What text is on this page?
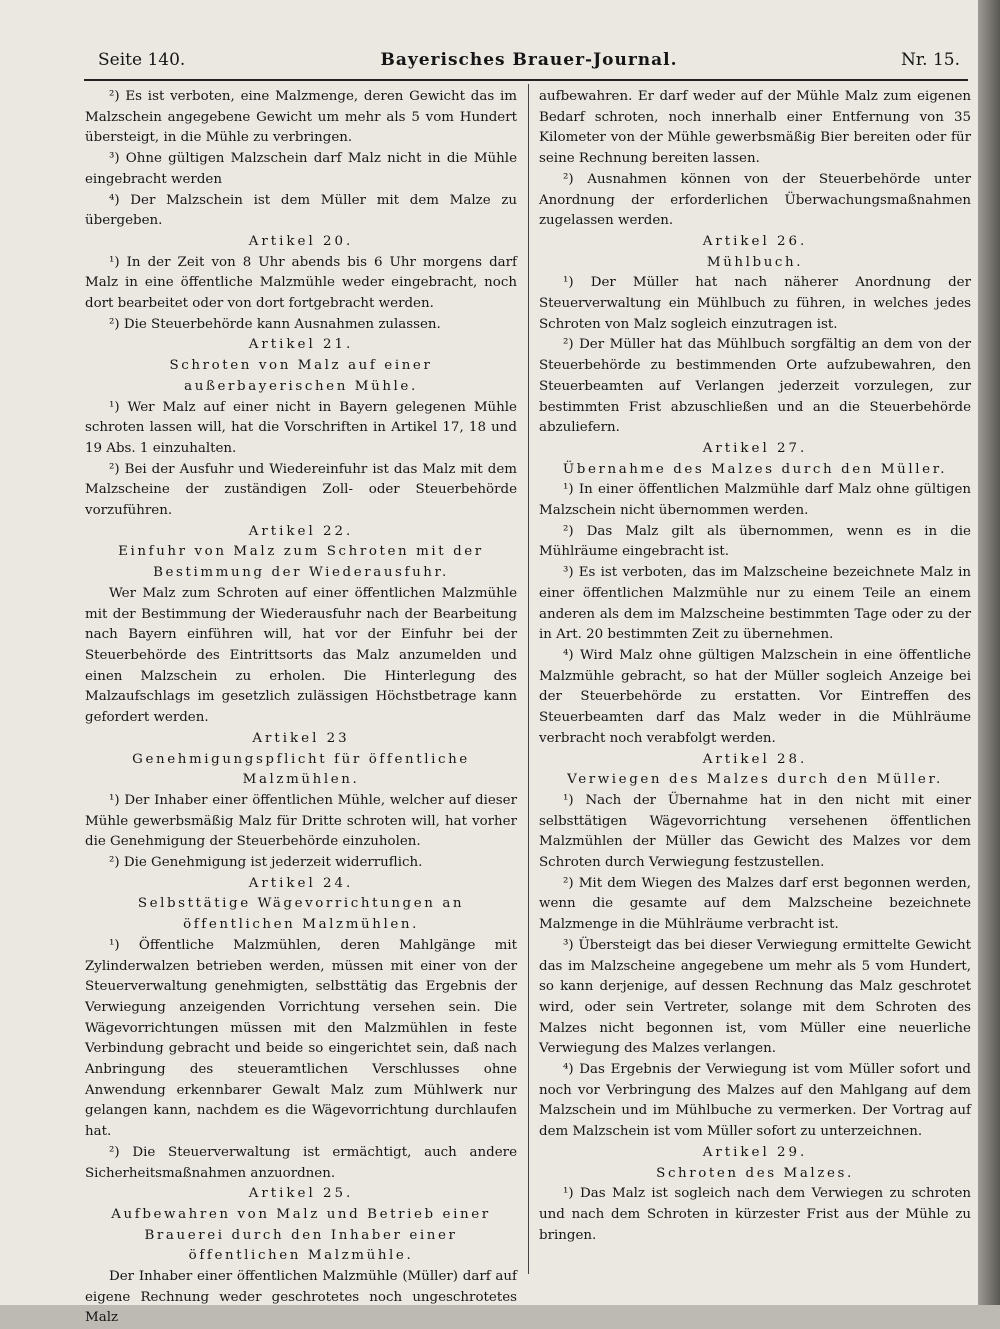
Seite 140.	Bayerisches Brauer-Journal.	Nr. 15.

²) Es ist verboten, eine Malzmenge, deren Gewicht das im Malzschein angegebene Gewicht um mehr als 5 vom Hundert übersteigt, in die Mühle zu verbringen.

³) Ohne gültigen Malzschein darf Malz nicht in die Mühle eingebracht werden

⁴) Der Malzschein ist dem Müller mit dem Malze zu übergeben.

Artikel 20.

¹) In der Zeit von 8 Uhr abends bis 6 Uhr morgens darf Malz in eine öffentliche Malzmühle weder eingebracht, noch dort bearbeitet oder von dort fortgebracht werden.

²) Die Steuerbehörde kann Ausnahmen zulassen.

Artikel 21.
Schroten von Malz auf einer außerbayerischen Mühle.

¹) Wer Malz auf einer nicht in Bayern gelegenen Mühle schroten lassen will, hat die Vorschriften in Artikel 17, 18 und 19 Abs. 1 einzuhalten.

²) Bei der Ausfuhr und Wiedereinfuhr ist das Malz mit dem Malzscheine der zuständigen Zoll- oder Steuerbehörde vorzuführen.

Artikel 22.
Einfuhr von Malz zum Schroten mit der Bestimmung der Wiederausfuhr.

Wer Malz zum Schroten auf einer öffentlichen Malzmühle mit der Bestimmung der Wiederausfuhr nach der Bearbeitung nach Bayern einführen will, hat vor der Einfuhr bei der Steuerbehörde des Eintrittsorts das Malz anzumelden und einen Malzschein zu erholen. Die Hinterlegung des Malzaufschlags im gesetzlich zulässigen Höchstbetrage kann gefordert werden.

Artikel 23
Genehmigungspflicht für öffentliche Malzmühlen.

¹) Der Inhaber einer öffentlichen Mühle, welcher auf dieser Mühle gewerbsmäßig Malz für Dritte schroten will, hat vorher die Genehmigung der Steuerbehörde einzuholen.

²) Die Genehmigung ist jederzeit widerruflich.

Artikel 24.
Selbsttätige Wägevorrichtungen an öffentlichen Malzmühlen.

¹) Öffentliche Malzmühlen, deren Mahlgänge mit Zylinderwalzen betrieben werden, müssen mit einer von der Steuerverwaltung genehmigten, selbsttätig das Ergebnis der Verwiegung anzeigenden Vorrichtung versehen sein. Die Wägevorrichtungen müssen mit den Malzmühlen in feste Verbindung gebracht und beide so eingerichtet sein, daß nach Anbringung des steueramtlichen Verschlusses ohne Anwendung erkennbarer Gewalt Malz zum Mühlwerk nur gelangen kann, nachdem es die Wägevorrichtung durchlaufen hat.

²) Die Steuerverwaltung ist ermächtigt, auch andere Sicherheitsmaßnahmen anzuordnen.

Artikel 25.
Aufbewahren von Malz und Betrieb einer Brauerei durch den Inhaber einer öffentlichen Malzmühle.

Der Inhaber einer öffentlichen Malzmühle (Müller) darf auf eigene Rechnung weder geschrotetes noch ungeschrotetes Malz

aufbewahren. Er darf weder auf der Mühle Malz zum eigenen Bedarf schroten, noch innerhalb einer Entfernung von 35 Kilometer von der Mühle gewerbsmäßig Bier bereiten oder für seine Rechnung bereiten lassen.

²) Ausnahmen können von der Steuerbehörde unter Anordnung der erforderlichen Überwachungsmaßnahmen zugelassen werden.

Artikel 26.
Mühlbuch.

¹) Der Müller hat nach näherer Anordnung der Steuerverwaltung ein Mühlbuch zu führen, in welches jedes Schroten von Malz sogleich einzutragen ist.

²) Der Müller hat das Mühlbuch sorgfältig an dem von der Steuerbehörde zu bestimmenden Orte aufzubewahren, den Steuerbeamten auf Verlangen jederzeit vorzulegen, zur bestimmten Frist abzuschließen und an die Steuerbehörde abzuliefern.

Artikel 27.
Übernahme des Malzes durch den Müller.

¹) In einer öffentlichen Malzmühle darf Malz ohne gültigen Malzschein nicht übernommen werden.

²) Das Malz gilt als übernommen, wenn es in die Mühlräume eingebracht ist.

³) Es ist verboten, das im Malzscheine bezeichnete Malz in einer öffentlichen Malzmühle nur zu einem Teile an einem anderen als dem im Malzscheine bestimmten Tage oder zu der in Art. 20 bestimmten Zeit zu übernehmen.

⁴) Wird Malz ohne gültigen Malzschein in eine öffentliche Malzmühle gebracht, so hat der Müller sogleich Anzeige bei der Steuerbehörde zu erstatten. Vor Eintreffen des Steuerbeamten darf das Malz weder in die Mühlräume verbracht noch verabfolgt werden.

Artikel 28.
Verwiegen des Malzes durch den Müller.

¹) Nach der Übernahme hat in den nicht mit einer selbsttätigen Wägevorrichtung versehenen öffentlichen Malzmühlen der Müller das Gewicht des Malzes vor dem Schroten durch Verwiegung festzustellen.

²) Mit dem Wiegen des Malzes darf erst begonnen werden, wenn die gesamte auf dem Malzscheine bezeichnete Malzmenge in die Mühlräume verbracht ist.

³) Übersteigt das bei dieser Verwiegung ermittelte Gewicht das im Malzscheine angegebene um mehr als 5 vom Hundert, so kann derjenige, auf dessen Rechnung das Malz geschrotet wird, oder sein Vertreter, solange mit dem Schroten des Malzes nicht begonnen ist, vom Müller eine neuerliche Verwiegung des Malzes verlangen.

⁴) Das Ergebnis der Verwiegung ist vom Müller sofort und noch vor Verbringung des Malzes auf den Mahlgang auf dem Malzschein und im Mühlbuche zu vermerken. Der Vortrag auf dem Malzschein ist vom Müller sofort zu unterzeichnen.

Artikel 29.
Schroten des Malzes.

¹) Das Malz ist sogleich nach dem Verwiegen zu schroten und nach dem Schroten in kürzester Frist aus der Mühle zu bringen.
